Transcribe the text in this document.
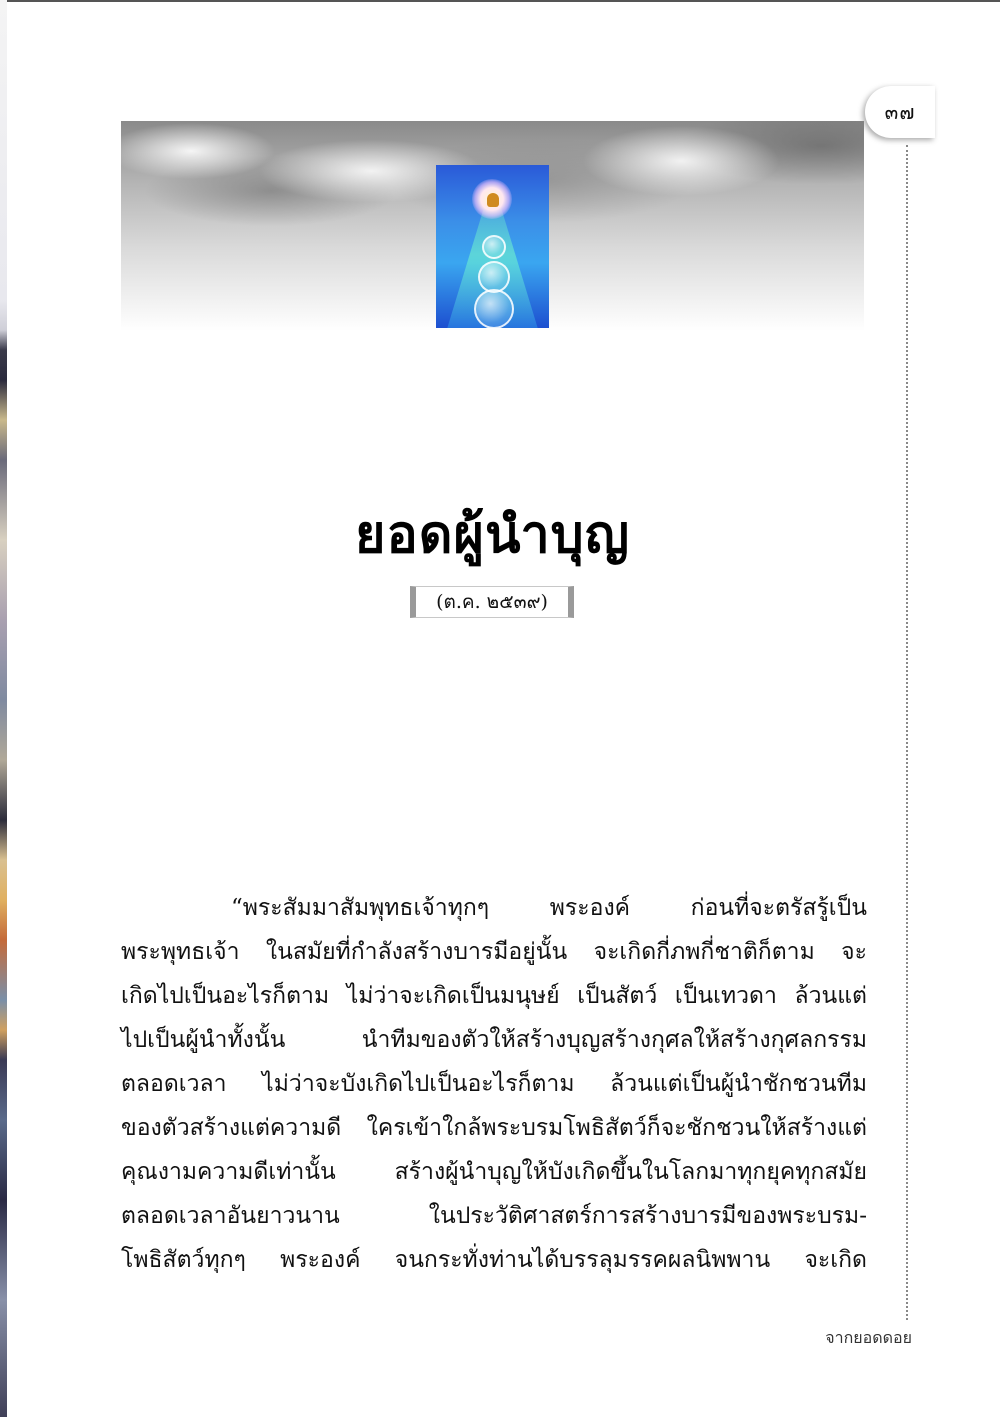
๓๗
ยอดผู้นำบุญ
(ต.ค. ๒๕๓๙)
“พระสัมมาสัมพุทธเจ้าทุกๆ พระองค์ ก่อนที่จะตรัสรู้เป็น
พระพุทธเจ้า ในสมัยที่กำลังสร้างบารมีอยู่นั้น จะเกิดกี่ภพกี่ชาติก็ตาม จะ
เกิดไปเป็นอะไรก็ตาม ไม่ว่าจะเกิดเป็นมนุษย์ เป็นสัตว์ เป็นเทวดา ล้วนแต่
ไปเป็นผู้นำทั้งนั้น นำทีมของตัวให้สร้างบุญสร้างกุศลให้สร้างกุศลกรรม
ตลอดเวลา ไม่ว่าจะบังเกิดไปเป็นอะไรก็ตาม ล้วนแต่เป็นผู้นำชักชวนทีม
ของตัวสร้างแต่ความดี ใครเข้าใกล้พระบรมโพธิสัตว์ก็จะชักชวนให้สร้างแต่
คุณงามความดีเท่านั้น สร้างผู้นำบุญให้บังเกิดขึ้นในโลกมาทุกยุคทุกสมัย
ตลอดเวลาอันยาวนาน ในประวัติศาสตร์การสร้างบารมีของพระบรม-
โพธิสัตว์ทุกๆ พระองค์ จนกระทั่งท่านได้บรรลุมรรคผลนิพพาน จะเกิด
จากยอดดอย
